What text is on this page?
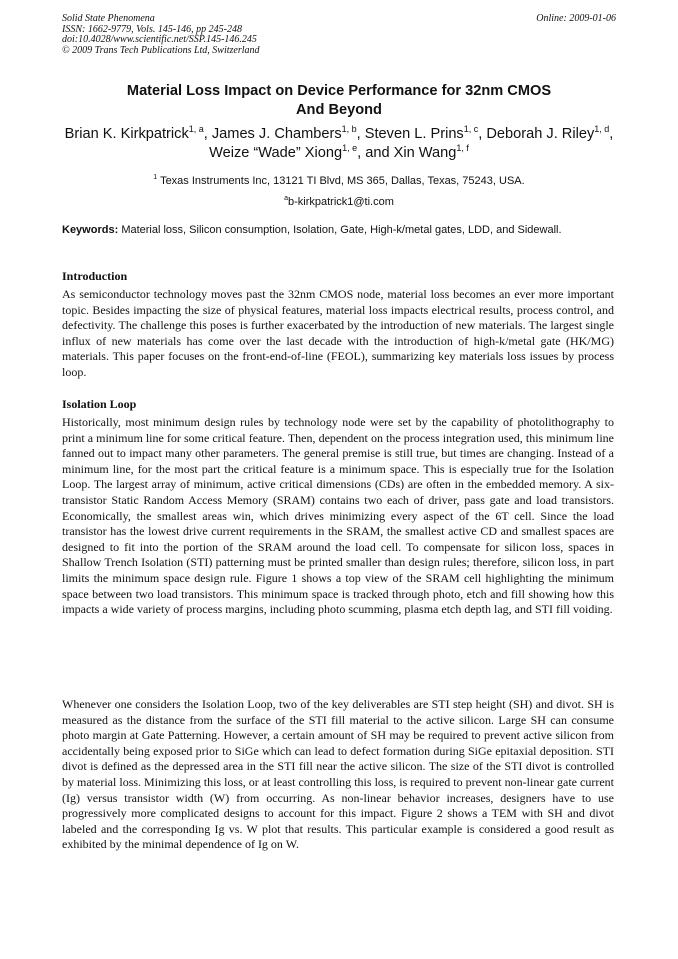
Solid State Phenomena
ISSN: 1662-9779, Vols. 145-146, pp 245-248
doi:10.4028/www.scientific.net/SSP.145-146.245
© 2009 Trans Tech Publications Ltd, Switzerland
Online: 2009-01-06
Material Loss Impact on Device Performance for 32nm CMOS
And Beyond
Brian K. Kirkpatrick$^{1, a}$, James J. Chambers$^{1, b}$, Steven L. Prins$^{1, c}$, Deborah J. Riley$^{1, d}$, Weize “Wade” Xiong$^{1, e}$, and Xin Wang$^{1, f}$
$^1$ Texas Instruments Inc, 13121 TI Blvd, MS 365, Dallas, Texas, 75243, USA.
$^a$b-kirkpatrick1@ti.com
Keywords: Material loss, Silicon consumption, Isolation, Gate, High-k/metal gates, LDD, and Sidewall.
Introduction

As semiconductor technology moves past the 32nm CMOS node, material loss becomes an ever more important topic. Besides impacting the size of physical features, material loss impacts electrical results, process control, and defectivity. The challenge this poses is further exacerbated by the introduction of new materials. The largest single influx of new materials has come over the last decade with the introduction of high-k/metal gate (HK/MG) materials. This paper focuses on the front-end-of-line (FEOL), summarizing key materials loss issues by process loop.

Isolation Loop

Historically, most minimum design rules by technology node were set by the capability of photolithography to print a minimum line for some critical feature. Then, dependent on the process integration used, this minimum line fanned out to impact many other parameters. The general premise is still true, but times are changing. Instead of a minimum line, for the most part the critical feature is a minimum space. This is especially true for the Isolation Loop. The largest array of minimum, active critical dimensions (CDs) are often in the embedded memory. A six-transistor Static Random Access Memory (SRAM) contains two each of driver, pass gate and load transistors. Economically, the smallest areas win, which drives minimizing every aspect of the 6T cell. Since the load transistor has the lowest drive current requirements in the SRAM, the smallest active CD and smallest spaces are designed to fit into the portion of the SRAM around the load cell. To compensate for silicon loss, spaces in Shallow Trench Isolation (STI) patterning must be printed smaller than design rules; therefore, silicon loss, in part limits the minimum space design rule. Figure 1 shows a top view of the SRAM cell highlighting the minimum space between two load transistors. This minimum space is tracked through photo, etch and fill showing how this impacts a wide variety of process margins, including photo scumming, plasma etch depth lag, and STI fill voiding.

Whenever one considers the Isolation Loop, two of the key deliverables are STI step height (SH) and divot. SH is measured as the distance from the surface of the STI fill material to the active silicon. Large SH can consume photo margin at Gate Patterning. However, a certain amount of SH may be required to prevent active silicon from accidentally being exposed prior to SiGe which can lead to defect formation during SiGe epitaxial deposition. STI divot is defined as the depressed area in the STI fill near the active silicon. The size of the STI divot is controlled by material loss. Minimizing this loss, or at least controlling this loss, is required to prevent non-linear gate current (Ig) versus transistor width (W) from occurring. As non-linear behavior increases, designers have to use progressively more complicated designs to account for this impact. Figure 2 shows a TEM with SH and divot labeled and the corresponding Ig vs. W plot that results. This particular example is considered a good result as exhibited by the minimal dependence of Ig on W.
